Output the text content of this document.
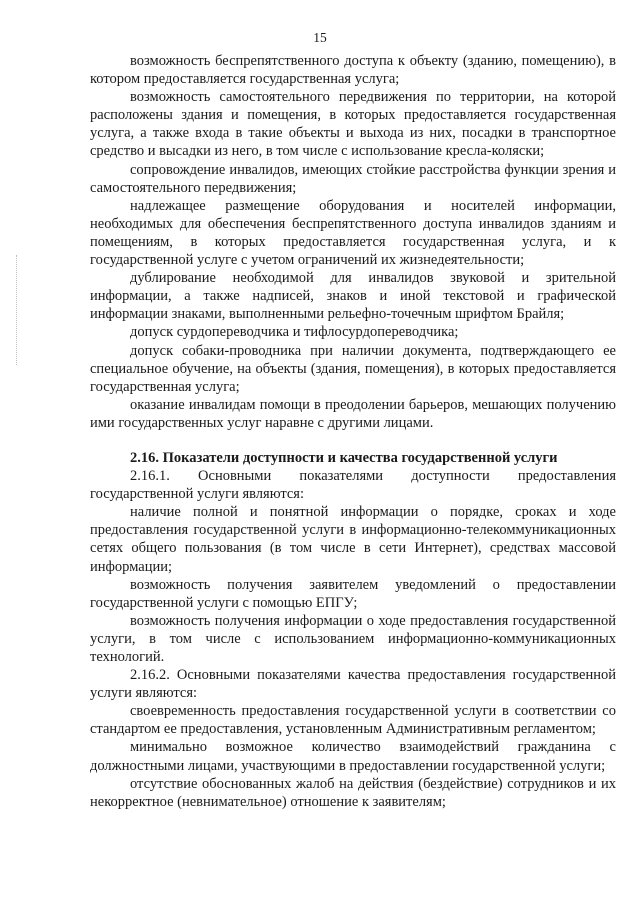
15

возможность беспрепятственного доступа к объекту (зданию, помещению), в котором предоставляется государственная услуга;

возможность самостоятельного передвижения по территории, на которой расположены здания и помещения, в которых предоставляется государственная услуга, а также входа в такие объекты и выхода из них, посадки в транспортное средство и высадки из него, в том числе с использование кресла-коляски;

сопровождение инвалидов, имеющих стойкие расстройства функции зрения и самостоятельного передвижения;

надлежащее размещение оборудования и носителей информации, необходимых для обеспечения беспрепятственного доступа инвалидов зданиям и помещениям, в которых предоставляется государственная услуга, и к государственной услуге с учетом ограничений их жизнедеятельности;

дублирование необходимой для инвалидов звуковой и зрительной информации, а также надписей, знаков и иной текстовой и графической информации знаками, выполненными рельефно-точечным шрифтом Брайля;

допуск сурдопереводчика и тифлосурдопереводчика;

допуск собаки-проводника при наличии документа, подтверждающего ее специальное обучение, на объекты (здания, помещения), в которых предоставляется государственная услуга;

оказание инвалидам помощи в преодолении барьеров, мешающих получению ими государственных услуг наравне с другими лицами.

2.16. Показатели доступности и качества государственной услуги

2.16.1. Основными показателями доступности предоставления государственной услуги являются:

наличие полной и понятной информации о порядке, сроках и ходе предоставления государственной услуги в информационно-телекоммуникационных сетях общего пользования (в том числе в сети Интернет), средствах массовой информации;

возможность получения заявителем уведомлений о предоставлении государственной услуги с помощью ЕПГУ;

возможность получения информации о ходе предоставления государственной услуги, в том числе с использованием информационно-коммуникационных технологий.

2.16.2. Основными показателями качества предоставления государственной услуги являются:

своевременность предоставления государственной услуги в соответствии со стандартом ее предоставления, установленным Административным регламентом;

минимально возможное количество взаимодействий гражданина с должностными лицами, участвующими в предоставлении государственной услуги;

отсутствие обоснованных жалоб на действия (бездействие) сотрудников и их некорректное (невнимательное) отношение к заявителям;
